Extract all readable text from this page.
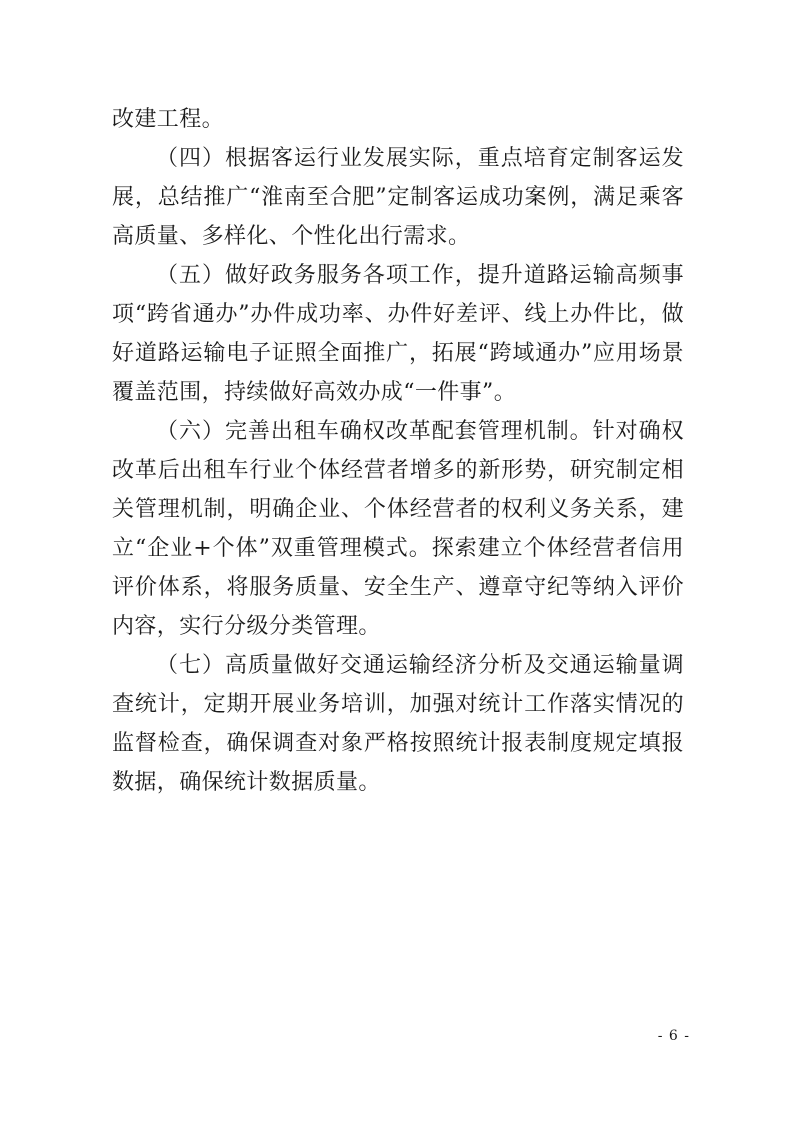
改建工程。

（四）根据客运行业发展实际，重点培育定制客运发展，总结推广“淮南至合肥”定制客运成功案例，满足乘客高质量、多样化、个性化出行需求。

（五）做好政务服务各项工作，提升道路运输高频事项“跨省通办”办件成功率、办件好差评、线上办件比，做好道路运输电子证照全面推广，拓展“跨域通办”应用场景覆盖范围，持续做好高效办成“一件事”。

（六）完善出租车确权改革配套管理机制。针对确权改革后出租车行业个体经营者增多的新形势，研究制定相关管理机制，明确企业、个体经营者的权利义务关系，建立“企业+个体”双重管理模式。探索建立个体经营者信用评价体系，将服务质量、安全生产、遵章守纪等纳入评价内容，实行分级分类管理。

（七）高质量做好交通运输经济分析及交通运输量调查统计，定期开展业务培训，加强对统计工作落实情况的监督检查，确保调查对象严格按照统计报表制度规定填报数据，确保统计数据质量。

- 6 -
